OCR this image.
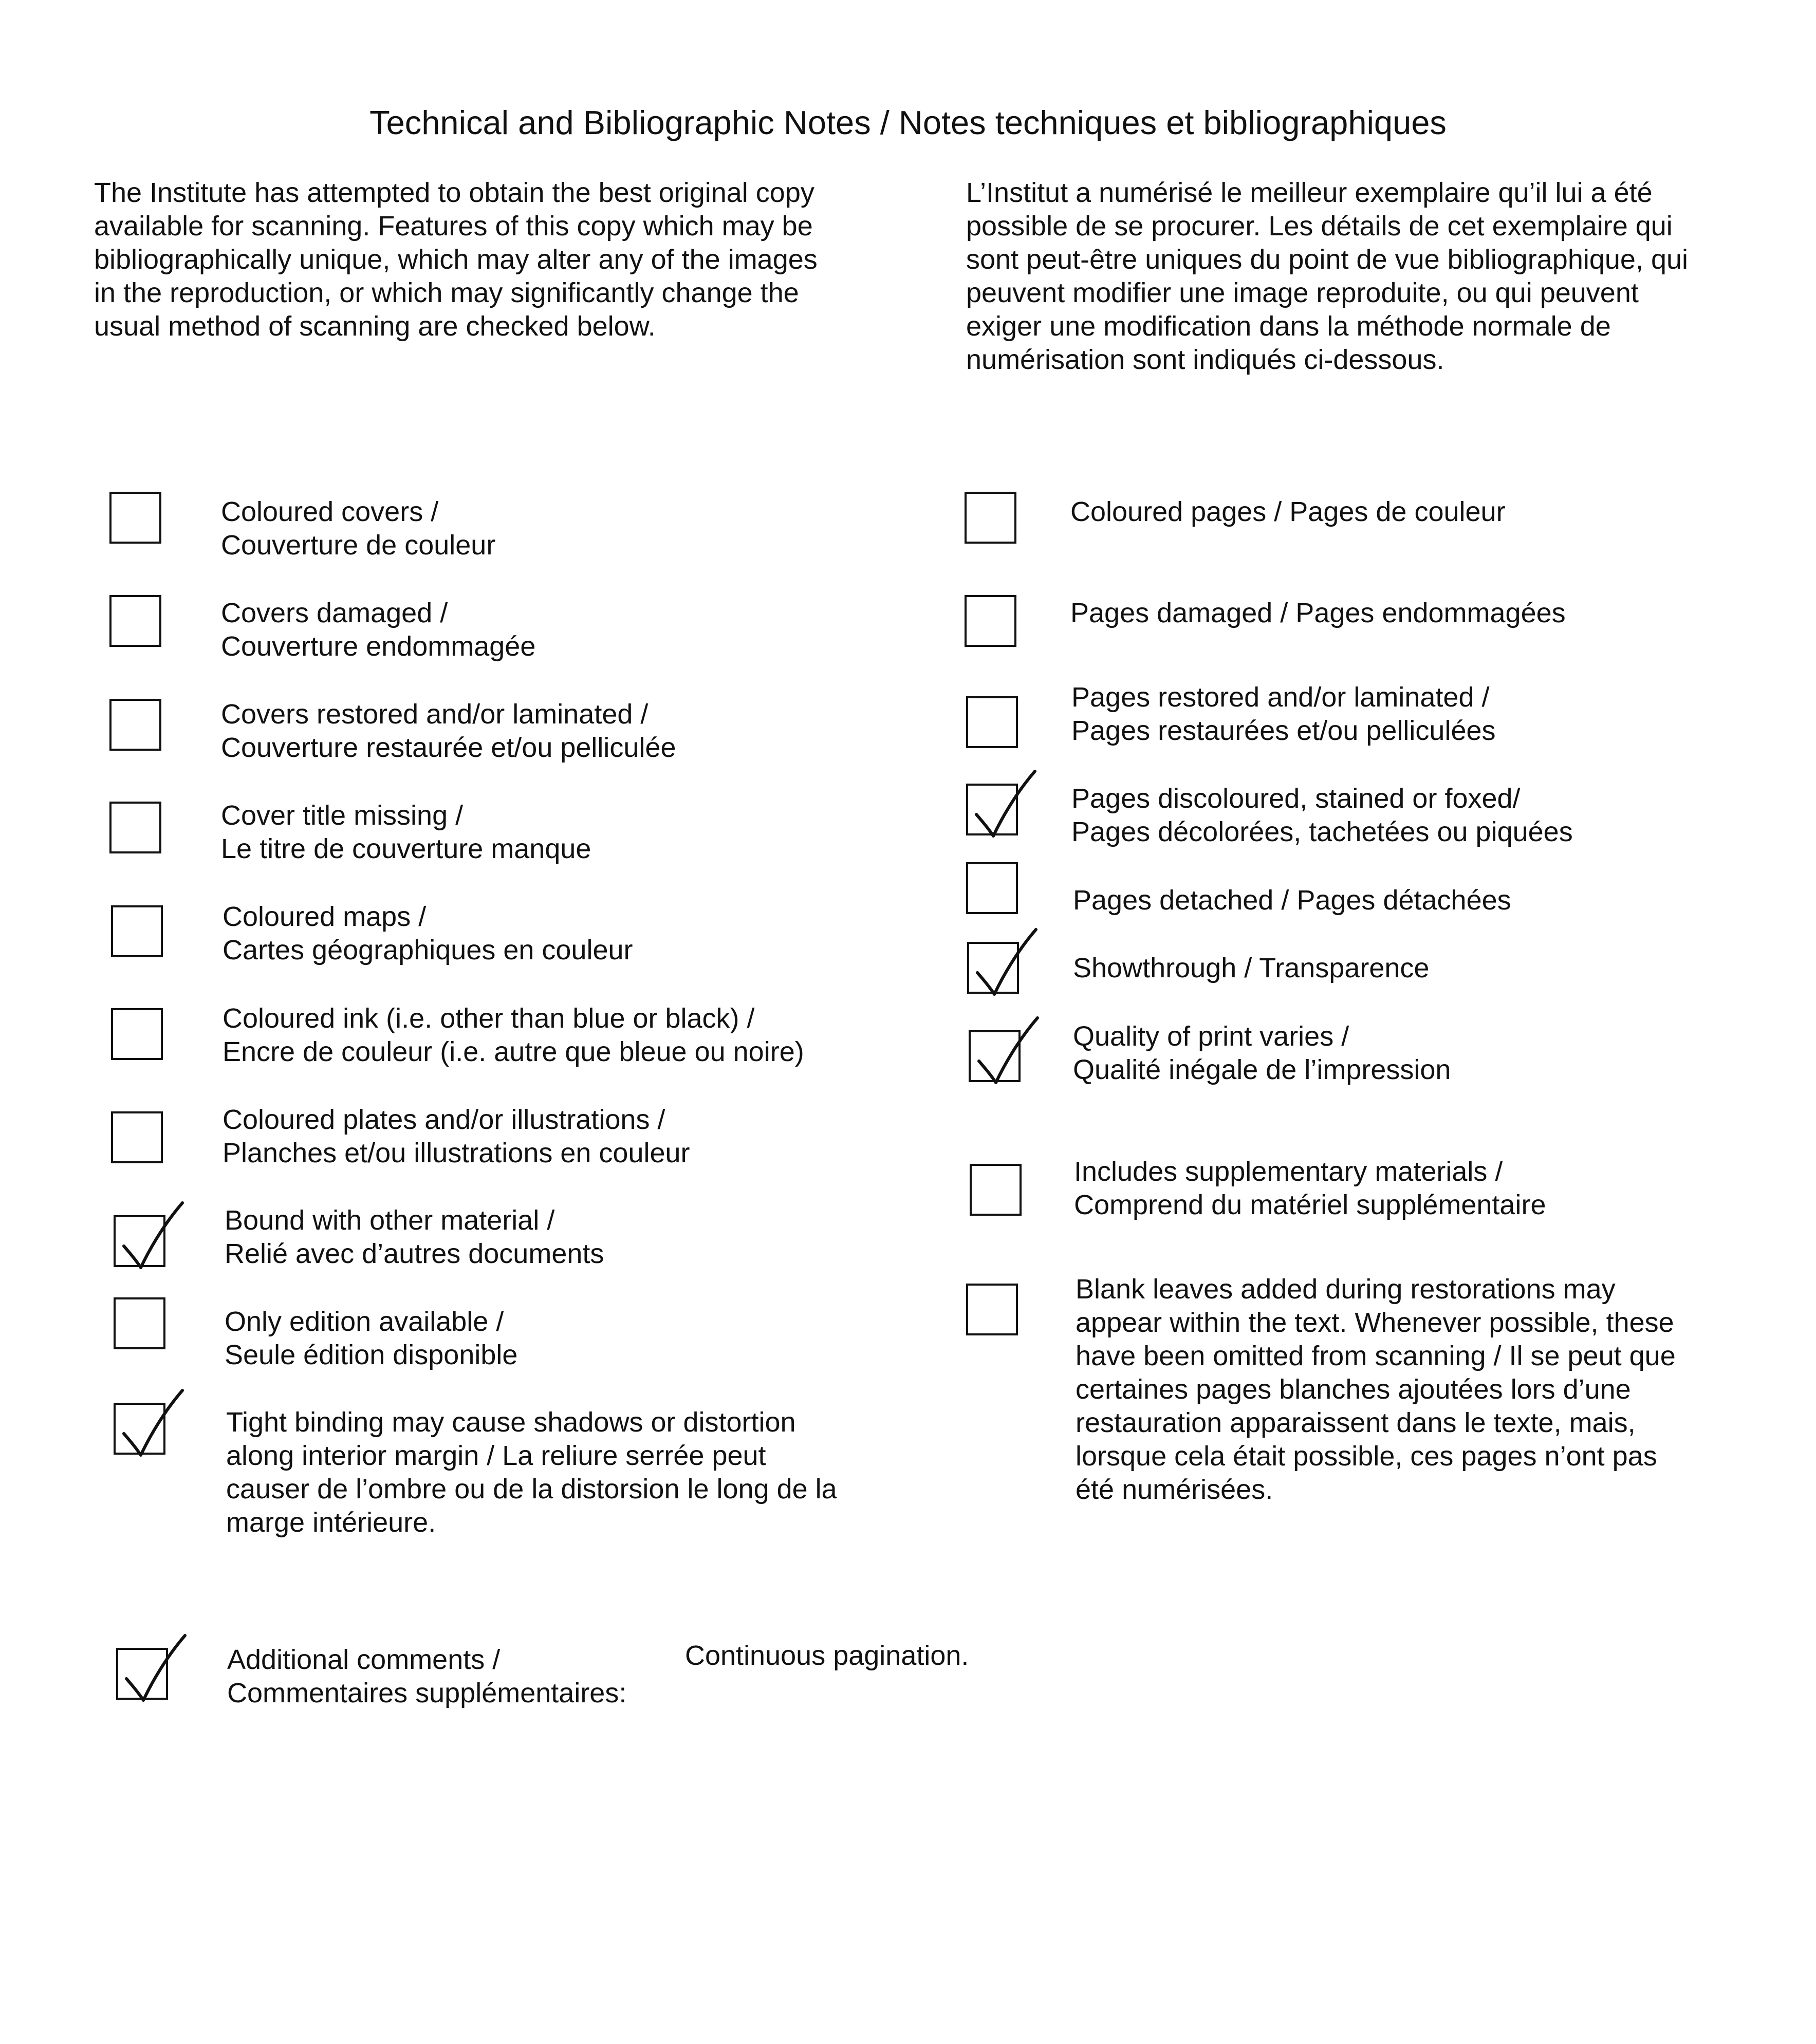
Technical and Bibliographic Notes / Notes techniques et bibliographiques
The Institute has attempted to obtain the best original copy
available for scanning. Features of this copy which may be
bibliographically unique, which may alter any of the images
in the reproduction, or which may significantly change the
usual method of scanning are checked below.
L’Institut a numérisé le meilleur exemplaire qu’il lui a été
possible de se procurer. Les détails de cet exemplaire qui
sont peut-être uniques du point de vue bibliographique, qui
peuvent modifier une image reproduite, ou qui peuvent
exiger une modification dans la méthode normale de
numérisation sont indiqués ci-dessous.
Coloured covers /
Couverture de couleur
Covers damaged /
Couverture endommagée
Covers restored and/or laminated /
Couverture restaurée et/ou pelliculée
Cover title missing /
Le titre de couverture manque
Coloured maps /
Cartes géographiques en couleur
Coloured ink (i.e. other than blue or black) /
Encre de couleur (i.e. autre que bleue ou noire)
Coloured plates and/or illustrations /
Planches et/ou illustrations en couleur
Bound with other material /
Relié avec d’autres documents
Only edition available /
Seule édition disponible
Tight binding may cause shadows or distortion
along interior margin / La reliure serrée peut
causer de l’ombre ou de la distorsion le long de la
marge intérieure.
Coloured pages / Pages de couleur
Pages damaged / Pages endommagées
Pages restored and/or laminated /
Pages restaurées et/ou pelliculées
Pages discoloured, stained or foxed/
Pages décolorées, tachetées ou piquées
Pages detached / Pages détachées
Showthrough / Transparence
Quality of print varies /
Qualité inégale de l’impression
Includes supplementary materials /
Comprend du matériel supplémentaire
Blank leaves added during restorations may
appear within the text. Whenever possible, these
have been omitted from scanning / Il se peut que
certaines pages blanches ajoutées lors d’une
restauration apparaissent dans le texte, mais,
lorsque cela était possible, ces pages n’ont pas
été numérisées.
Additional comments /
Commentaires supplémentaires:
Continuous pagination.
